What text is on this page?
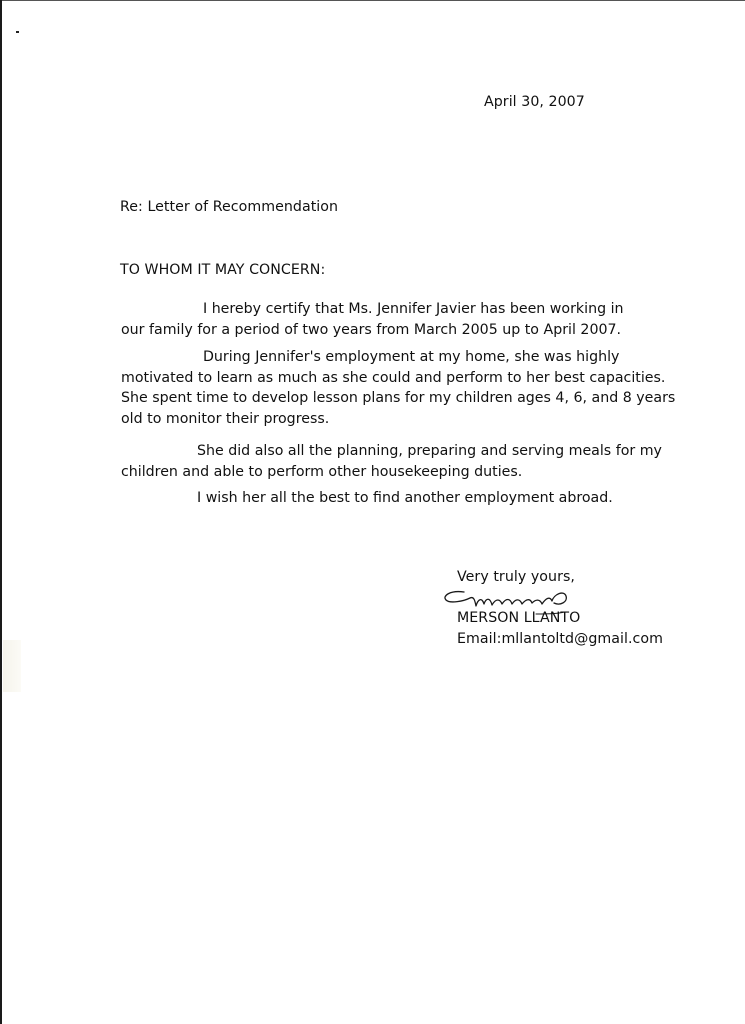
April 30, 2007

Re: Letter of Recommendation

TO WHOM IT MAY CONCERN:

I hereby certify that Ms. Jennifer Javier has been working in
our family for a period of two years from March 2005 up to April 2007.
During Jennifer's employment at my home, she was highly
motivated to learn as much as she could and perform to her best capacities.
She spent time to develop lesson plans for my children ages 4, 6, and 8 years
old to monitor their progress.
She did also all the planning, preparing and serving meals for my
children and able to perform other housekeeping duties.
I wish her all the best to find another employment abroad.

Very truly yours,

MERSON LLANTO

Email:mllantoltd@gmail.com
